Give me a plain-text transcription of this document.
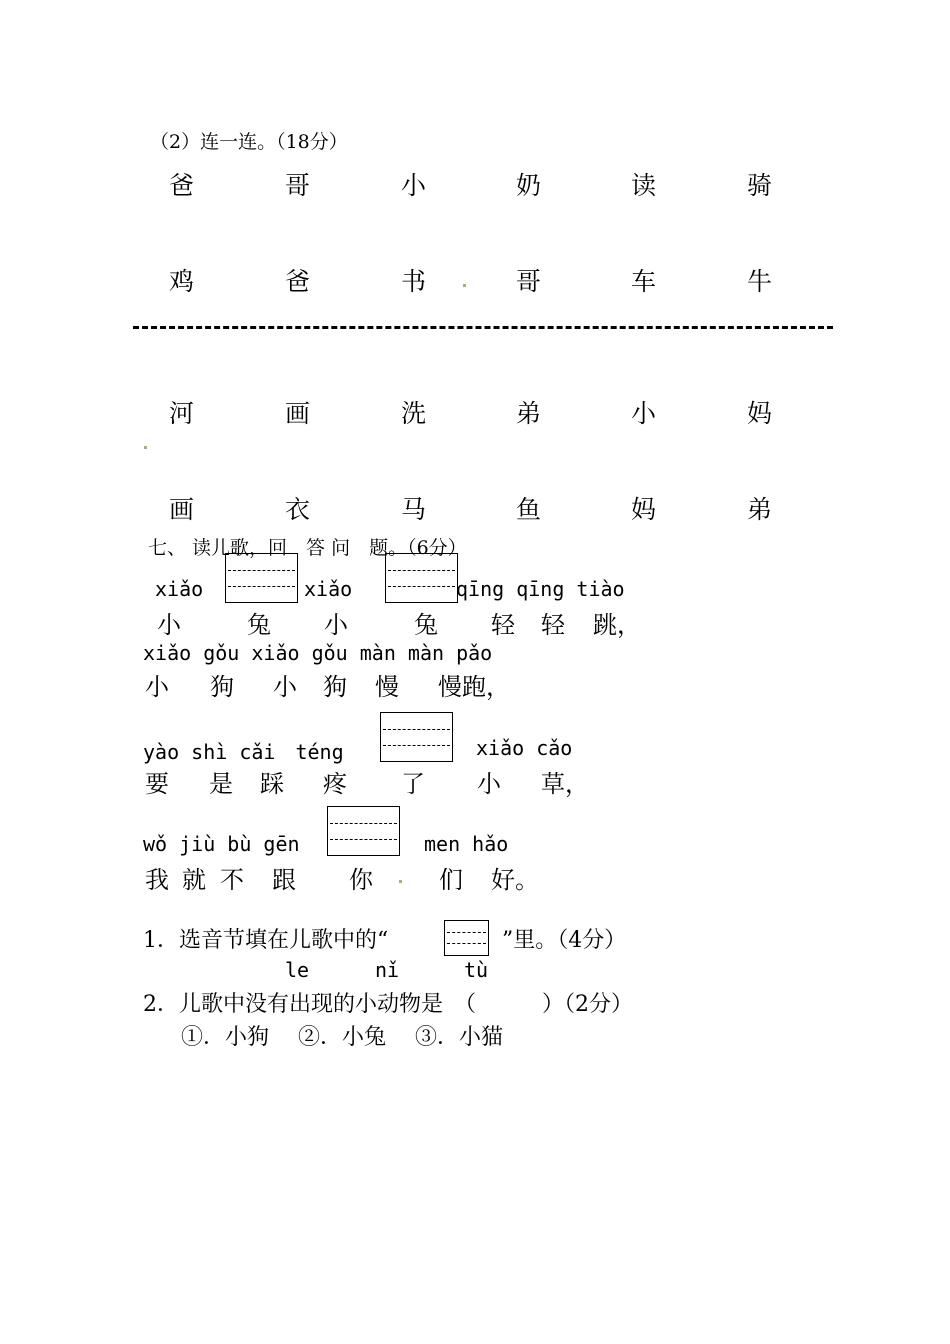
（2）连一连。（18分）
爸	哥	小	奶	读	骑
鸡	爸	书	哥	车	牛
河	画	洗	弟	小	妈
画	衣	马	鱼	妈	弟
七、 读儿歌，回　答 问　题。（6分）
xiǎo	xiǎo	qīng qīng tiào
小	兔 小	兔 轻 轻 跳，
xiǎo gǒu xiǎo gǒu màn màn pǎo
小 狗 小 狗 慢 慢跑，
yào shì cǎi　téng	xiǎo cǎo
要 是 踩 疼 了 小 草，
wǒ jiù bù gēn	men hǎo
我 就 不 跟 你	们 好。
1．选音节填在儿歌中的“	”里。（4分）
le	nǐ	tù
2．儿歌中没有出现的小动物是　（　　　）（2分）
①．小狗　 ②．小兔　 ③．小猫
